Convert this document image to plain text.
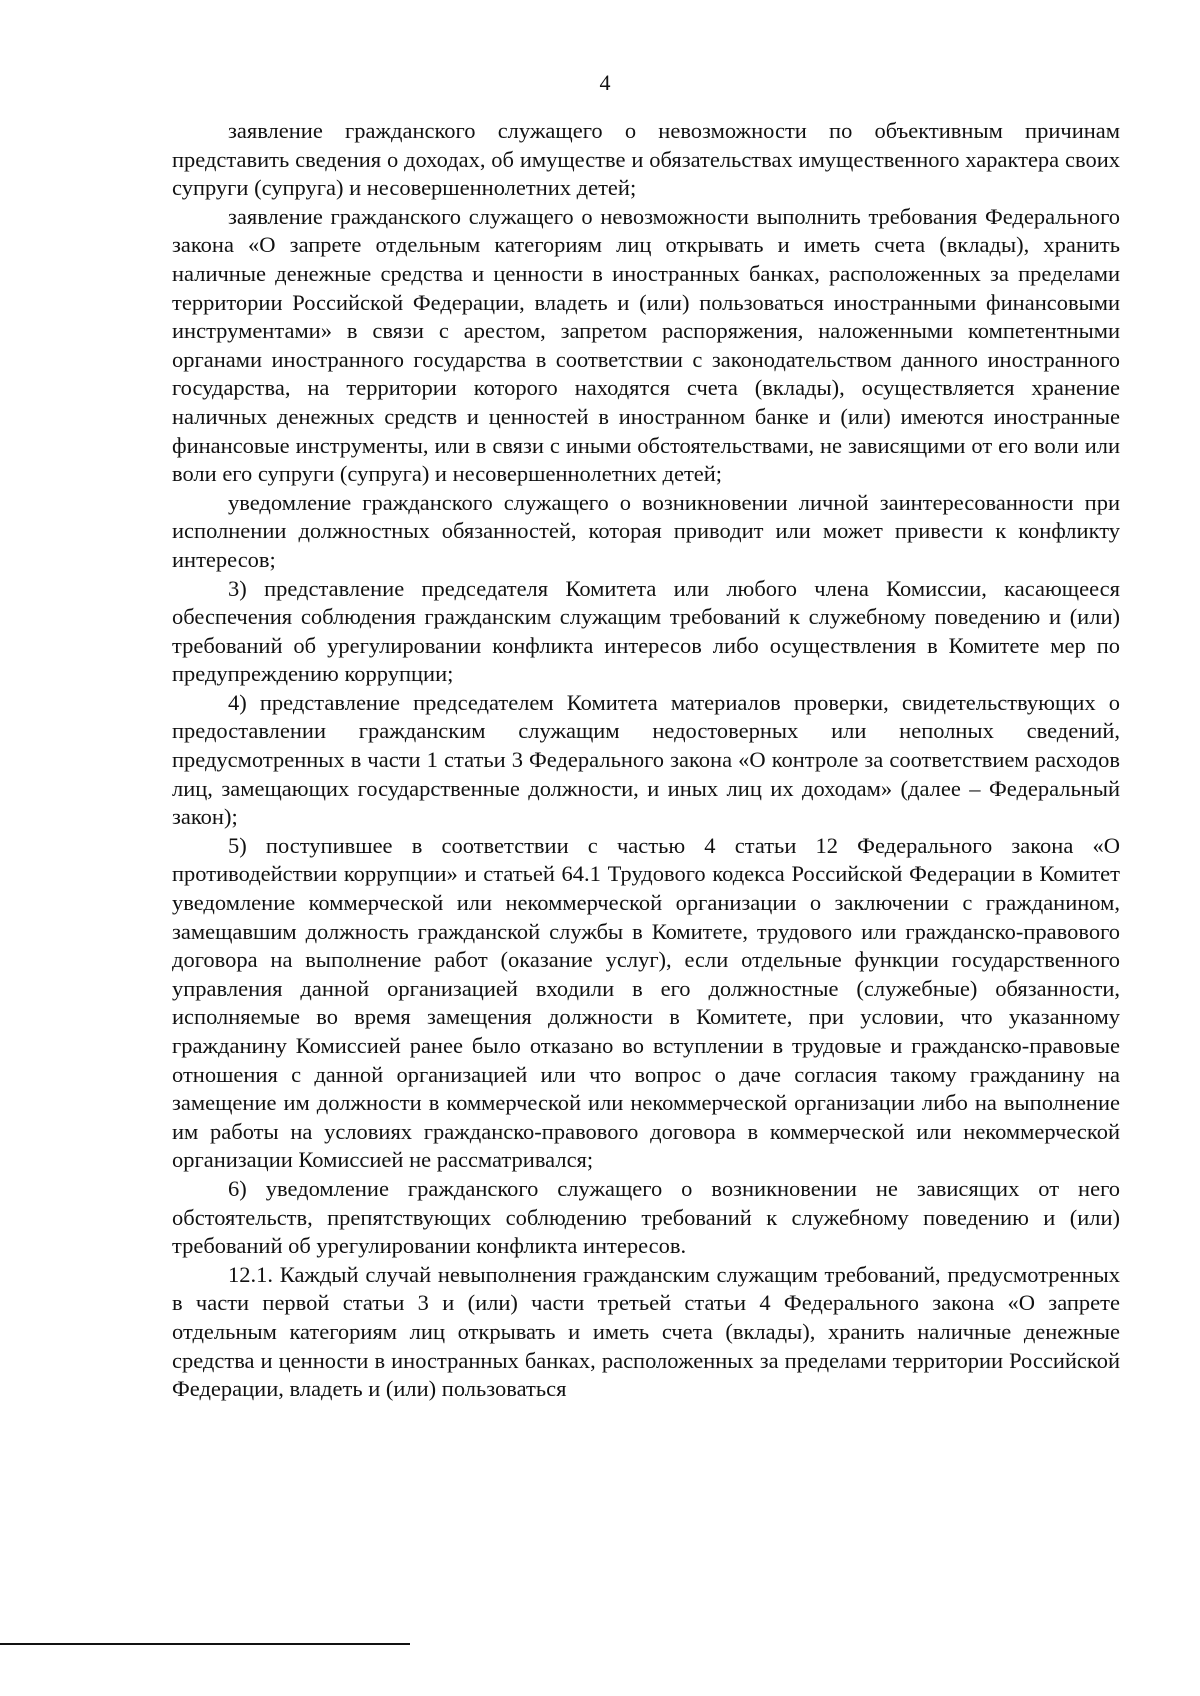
4

заявление гражданского служащего о невозможности по объективным причинам представить сведения о доходах, об имуществе и обязательствах имущественного характера своих супруги (супруга) и несовершеннолетних детей;

заявление гражданского служащего о невозможности выполнить требования Федерального закона «О запрете отдельным категориям лиц открывать и иметь счета (вклады), хранить наличные денежные средства и ценности в иностранных банках, расположенных за пределами территории Российской Федерации, владеть и (или) пользоваться иностранными финансовыми инструментами» в связи с арестом, запретом распоряжения, наложенными компетентными органами иностранного государства в соответствии с законодательством данного иностранного государства, на территории которого находятся счета (вклады), осуществляется хранение наличных денежных средств и ценностей в иностранном банке и (или) имеются иностранные финансовые инструменты, или в связи с иными обстоятельствами, не зависящими от его воли или воли его супруги (супруга) и несовершеннолетних детей;

уведомление гражданского служащего о возникновении личной заинтересованности при исполнении должностных обязанностей, которая приводит или может привести к конфликту интересов;

3) представление председателя Комитета или любого члена Комиссии, касающееся обеспечения соблюдения гражданским служащим требований к служебному поведению и (или) требований об урегулировании конфликта интересов либо осуществления в Комитете мер по предупреждению коррупции;

4) представление председателем Комитета материалов проверки, свидетельствующих о предоставлении гражданским служащим недостоверных или неполных сведений, предусмотренных в части 1 статьи 3 Федерального закона «О контроле за соответствием расходов лиц, замещающих государственные должности, и иных лиц их доходам» (далее – Федеральный закон);

5) поступившее в соответствии с частью 4 статьи 12 Федерального закона «О противодействии коррупции» и статьей 64.1 Трудового кодекса Российской Федерации в Комитет уведомление коммерческой или некоммерческой организации о заключении с гражданином, замещавшим должность гражданской службы в Комитете, трудового или гражданско-правового договора на выполнение работ (оказание услуг), если отдельные функции государственного управления данной организацией входили в его должностные (служебные) обязанности, исполняемые во время замещения должности в Комитете, при условии, что указанному гражданину Комиссией ранее было отказано во вступлении в трудовые и гражданско-правовые отношения с данной организацией или что вопрос о даче согласия такому гражданину на замещение им должности в коммерческой или некоммерческой организации либо на выполнение им работы на условиях гражданско-правового договора в коммерческой или некоммерческой организации Комиссией не рассматривался;

6) уведомление гражданского служащего о возникновении не зависящих от него обстоятельств, препятствующих соблюдению требований к служебному поведению и (или) требований об урегулировании конфликта интересов.

12.1. Каждый случай невыполнения гражданским служащим требований, предусмотренных в части первой статьи 3 и (или) части третьей статьи 4 Федерального закона «О запрете отдельным категориям лиц открывать и иметь счета (вклады), хранить наличные денежные средства и ценности в иностранных банках, расположенных за пределами территории Российской Федерации, владеть и (или) пользоваться
